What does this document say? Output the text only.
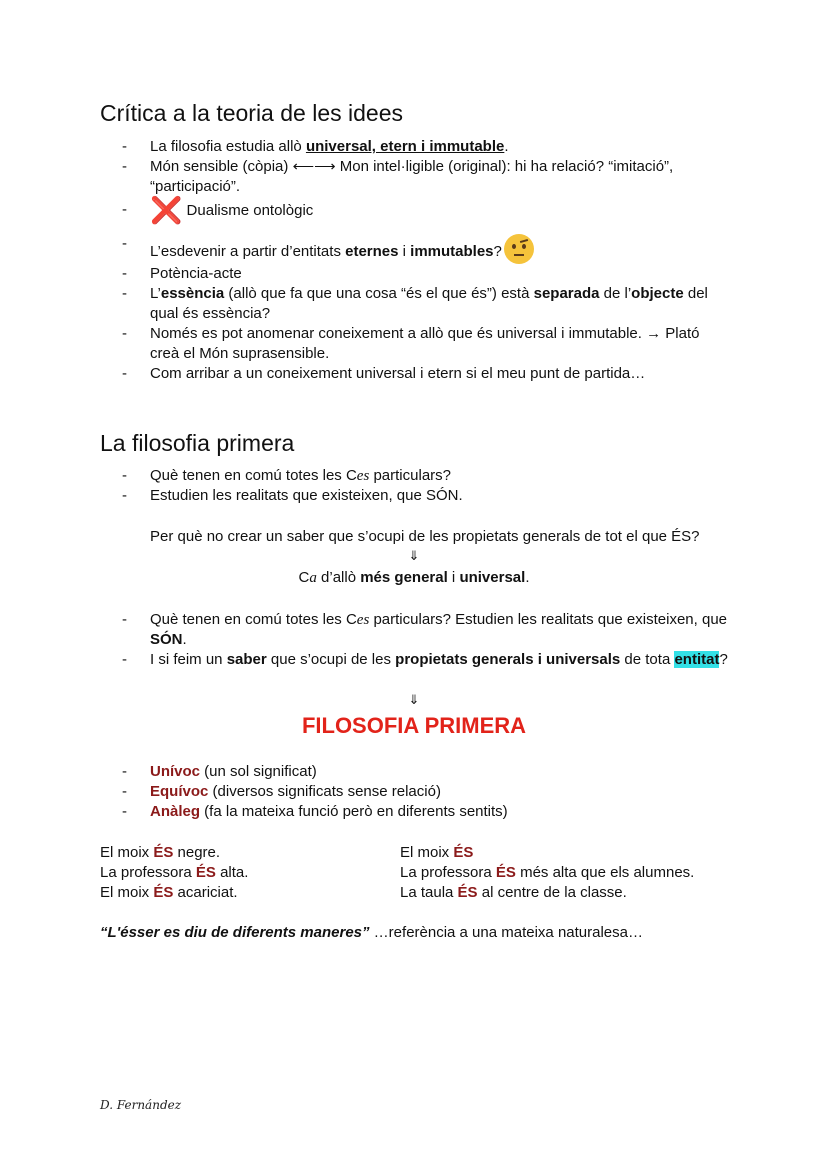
Crítica a la teoria de les idees
- La filosofia estudia allò universal, etern i immutable.
- Món sensible (còpia) ⟵⟶ Mon intel·ligible (original): hi ha relació? “imitació”, “participació”.
- ❌ Dualisme ontològic
- L’esdevenir a partir d’entitats eternes i immutables?
- Potència-acte
- L’essència (allò que fa que una cosa “és el que és”) està separada de l’objecte del qual és essència?
- Només es pot anomenar coneixement a allò que és universal i immutable. → Plató creà el Món suprasensible.
- Com arribar a un coneixement universal i etern si el meu punt de partida…
La filosofia primera
- Què tenen en comú totes les Ces particulars?
- Estudien les realitats que existeixen, que SÓN.

Per què no crear un saber que s’ocupi de les propietats generals de tot el que ÉS?

⇓

Ca d’allò més general i universal.

- Què tenen en comú totes les Ces particulars? Estudien les realitats que existeixen, que SÓN.
- I si feim un saber que s’ocupi de les propietats generals i universals de tota entitat?
⇓
FILOSOFIA PRIMERA
- Unívoc (un sol significat)
- Equívoc (diversos significats sense relació)
- Anàleg (fa la mateixa funció però en diferents sentits)

El moix ÉS negre.

La professora ÉS alta.

El moix ÉS acariciat.

El moix ÉS

La professora ÉS més alta que els alumnes.

La taula ÉS al centre de la classe.

“L'ésser es diu de diferents maneres” …referència a una mateixa naturalesa…

D. Fernández
